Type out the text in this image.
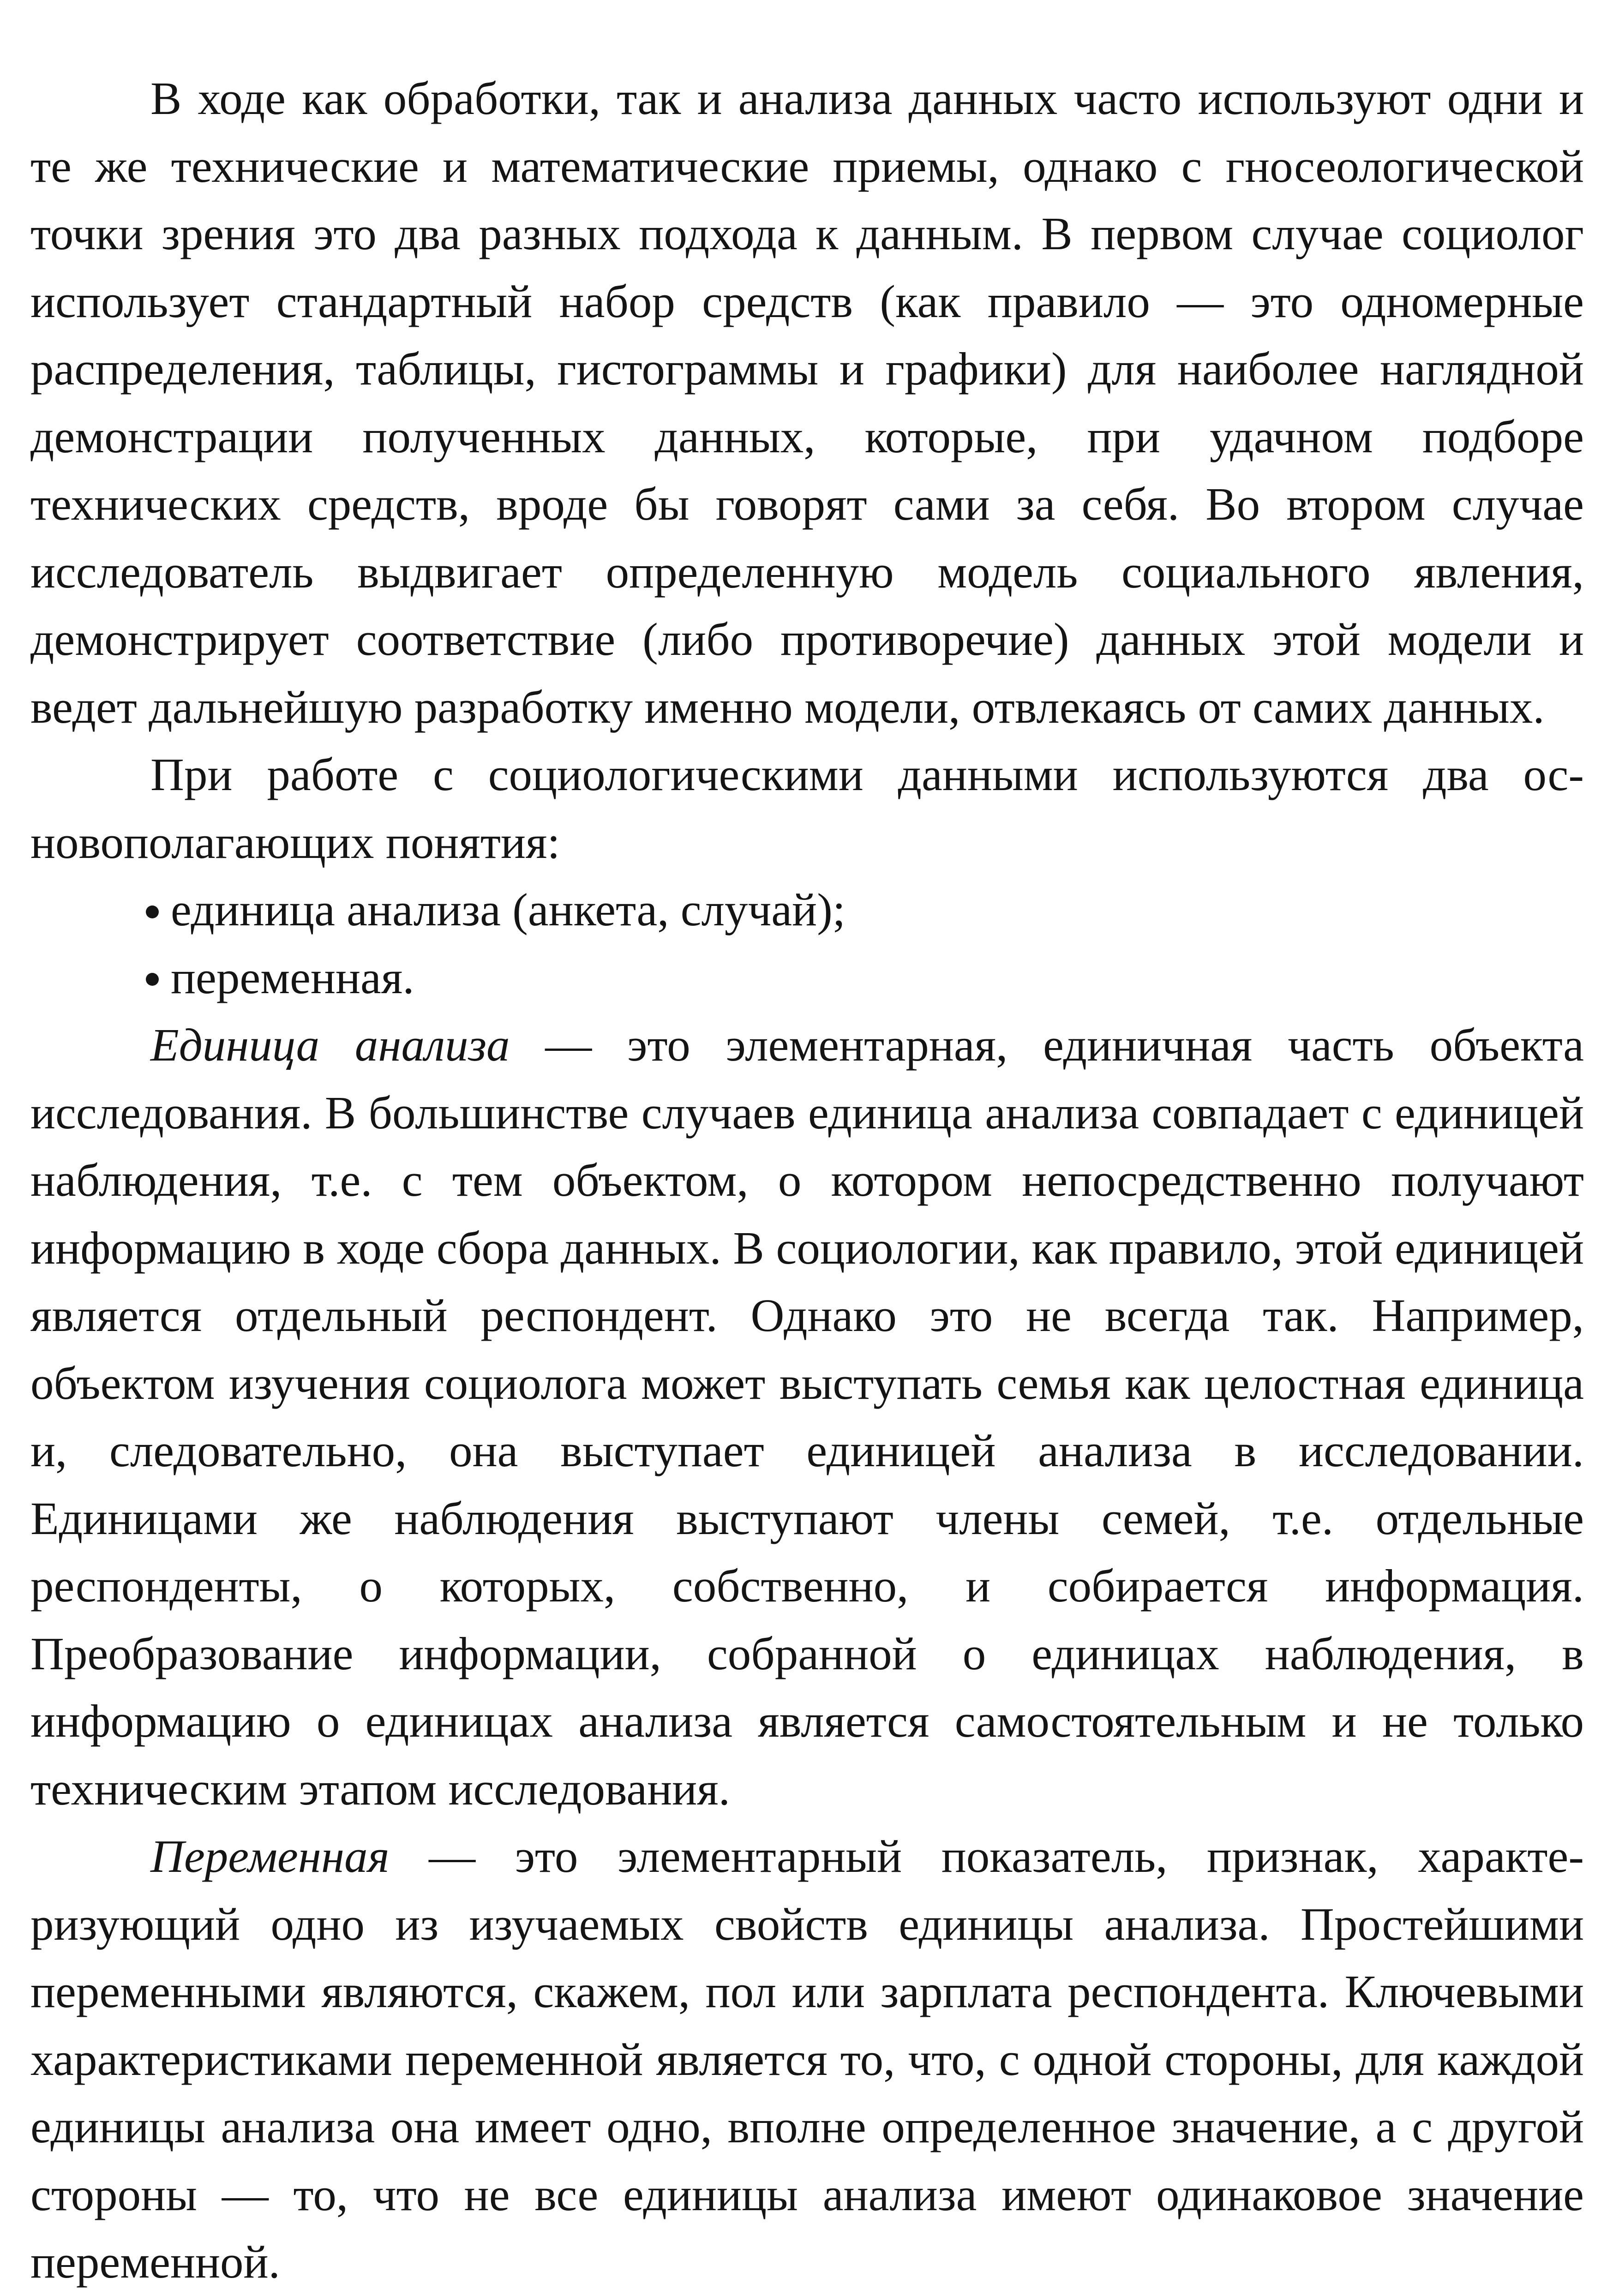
В ходе как обработки, так и анализа данных часто используют одни и те же технические и математические приемы, однако с гносеологической точки зрения это два разных подхода к данным. В первом случае социолог использует стандартный набор средств (как правило — это одномерные распределения, таблицы, гистограммы и графики) для наиболее наглядной демонстрации полученных данных, которые, при удачном подборе технических средств, вроде бы говорят сами за себя. Во втором случае исследователь выдвигает определенную модель социального явления, демонстрирует соответствие (либо противоречие) данных этой модели и ведет дальнейшую разработку именно модели, отвлекаясь от самих данных.

При работе с социологическими данными используются два основополагающих понятия:

единица анализа (анкета, случай);
переменная.

Единица анализа — это элементарная, единичная часть объекта исследования. В большинстве случаев единица анализа совпадает с единицей наблюдения, т.е. с тем объектом, о котором непосредственно получают информацию в ходе сбора данных. В социологии, как правило, этой единицей является отдельный респондент. Однако это не всегда так. Например, объектом изучения социолога может выступать семья как целостная единица и, следовательно, она выступает единицей анализа в исследовании. Единицами же наблюдения выступают члены семей, т.е. отдельные респонденты, о которых, собственно, и собирается информация. Преобразование информации, собранной о единицах наблюдения, в информацию о единицах анализа является самостоятельным и не только техническим этапом исследования.

Переменная — это элементарный показатель, признак, характеризующий одно из изучаемых свойств единицы анализа. Простейшими переменными являются, скажем, пол или зарплата респондента. Ключевыми характеристиками переменной является то, что, с одной стороны, для каждой единицы анализа она имеет одно, вполне определенное значение, а с другой стороны — то, что не все единицы анализа имеют одинаковое значение переменной.
